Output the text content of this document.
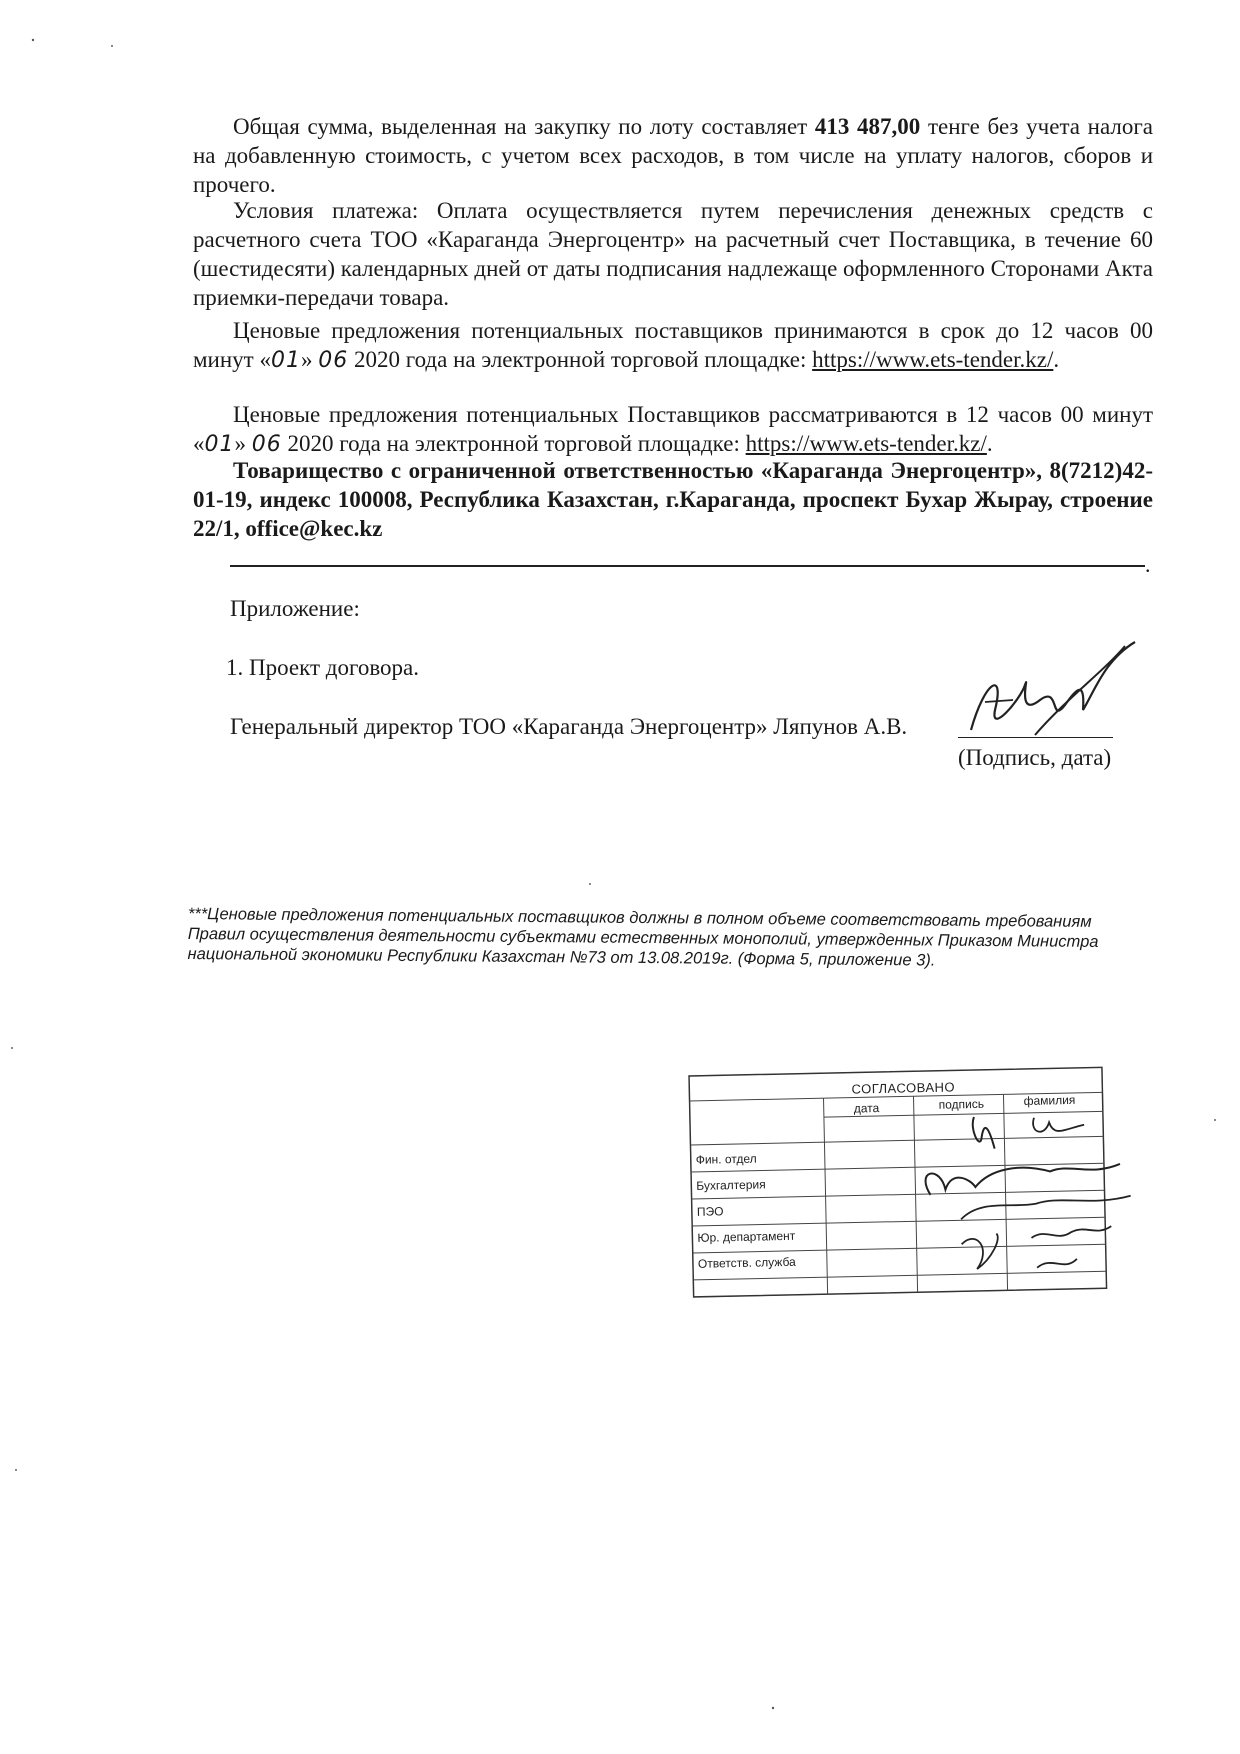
Общая сумма, выделенная на закупку по лоту составляет 413 487,00 тенге без учета налога на добавленную стоимость, с учетом всех расходов, в том числе на уплату налогов, сборов и прочего.

Условия платежа: Оплата осуществляется путем перечисления денежных средств с расчетного счета ТОО «Караганда Энергоцентр» на расчетный счет Поставщика, в течение 60 (шестидесяти) календарных дней от даты подписания надлежаще оформленного Сторонами Акта приемки-передачи товара.

Ценовые предложения потенциальных поставщиков принимаются в срок до 12 часов 00 минут «01» 06 2020 года на электронной торговой площадке: https://www.ets-tender.kz/.

Ценовые предложения потенциальных Поставщиков рассматриваются в 12 часов 00 минут «01» 06 2020 года на электронной торговой площадке: https://www.ets-tender.kz/.

Товарищество с ограниченной ответственностью «Караганда Энергоцентр», 8(7212)42-01-19, индекс 100008, Республика Казахстан, г.Караганда, проспект Бухар Жырау, строение 22/1, office@kec.kz

.

Приложение:

1. Проект договора.

Генеральный директор ТОО «Караганда Энергоцентр» Ляпунов А.В.

(Подпись, дата)

***Ценовые предложения потенциальных поставщиков должны в полном объеме соответствовать требованиям Правил осуществления деятельности субъектами естественных монополий, утвержденных Приказом Министра национальной экономики Республики Казахстан №73 от 13.08.2019г. (Форма 5, приложение 3).

СОГЛАСОВАНО
дата	подпись	фамилия
Фин. отдел
Бухгалтерия
ПЭО
Юр. департамент
Ответств. служба
